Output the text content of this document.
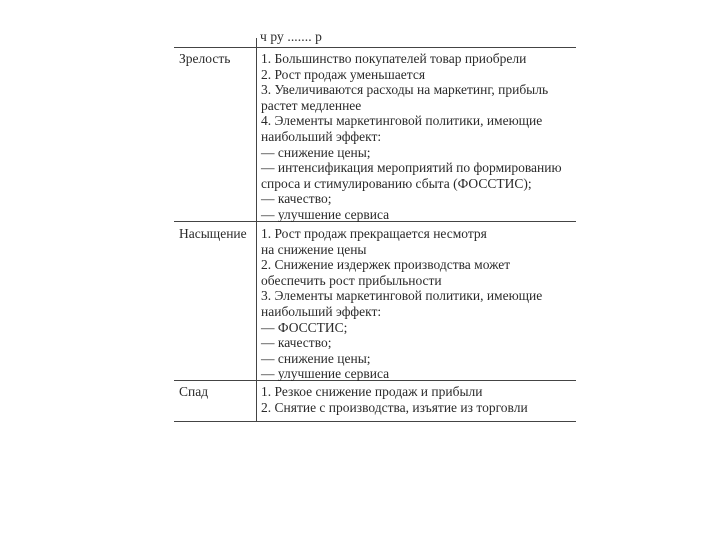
ч ру ....... р
Зрелость 1. Большинство покупателей товар приобрели
2. Рост продаж уменьшается
3. Увеличиваются расходы на маркетинг, прибыль
растет медленнее
4. Элементы маркетинговой политики, имеющие
наибольший эффект:
— снижение цены;
— интенсификация мероприятий по формированию
спроса и стимулированию сбыта (ФОССТИС);
— качество;
— улучшение сервиса
Насыщение 1. Рост продаж прекращается несмотря
на снижение цены
2. Снижение издержек производства может
обеспечить рост прибыльности
3. Элементы маркетинговой политики, имеющие
наибольший эффект:
— ФОССТИС;
— качество;
— снижение цены;
— улучшение сервиса
Спад	1. Резкое снижение продаж и прибыли
2. Снятие с производства, изъятие из торговли
